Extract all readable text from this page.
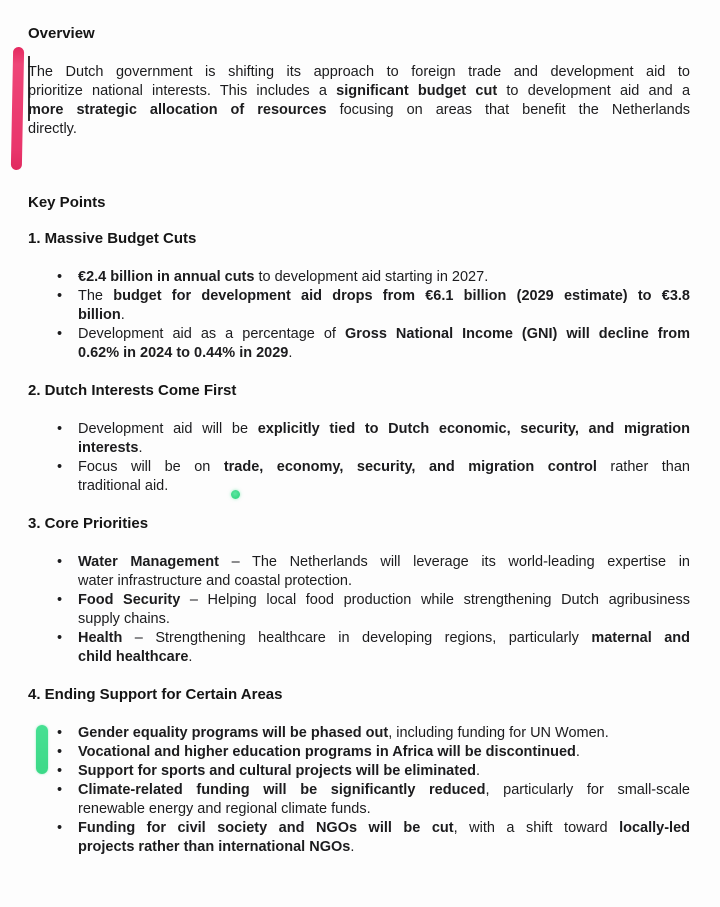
Overview
The Dutch government is shifting its approach to foreign trade and development aid to
prioritize national interests. This includes a significant budget cut to development aid and a
more strategic allocation of resources focusing on areas that benefit the Netherlands
directly.
Key Points
1. Massive Budget Cuts
•	€2.4 billion in annual cuts to development aid starting in 2027.
•	The budget for development aid drops from €6.1 billion (2029 estimate) to €3.8
billion.
•	Development aid as a percentage of Gross National Income (GNI) will decline from
0.62% in 2024 to 0.44% in 2029.
2. Dutch Interests Come First
•	Development aid will be explicitly tied to Dutch economic, security, and migration
interests.
•	Focus will be on trade, economy, security, and migration control rather than
traditional aid.
3. Core Priorities
•	Water Management – The Netherlands will leverage its world-leading expertise in
water infrastructure and coastal protection.
•	Food Security – Helping local food production while strengthening Dutch agribusiness
supply chains.
•	Health – Strengthening healthcare in developing regions, particularly maternal and
child healthcare.
4. Ending Support for Certain Areas
•	Gender equality programs will be phased out, including funding for UN Women.
•	Vocational and higher education programs in Africa will be discontinued.
•	Support for sports and cultural projects will be eliminated.
•	Climate-related funding will be significantly reduced, particularly for small-scale
renewable energy and regional climate funds.
•	Funding for civil society and NGOs will be cut, with a shift toward locally-led
projects rather than international NGOs.
